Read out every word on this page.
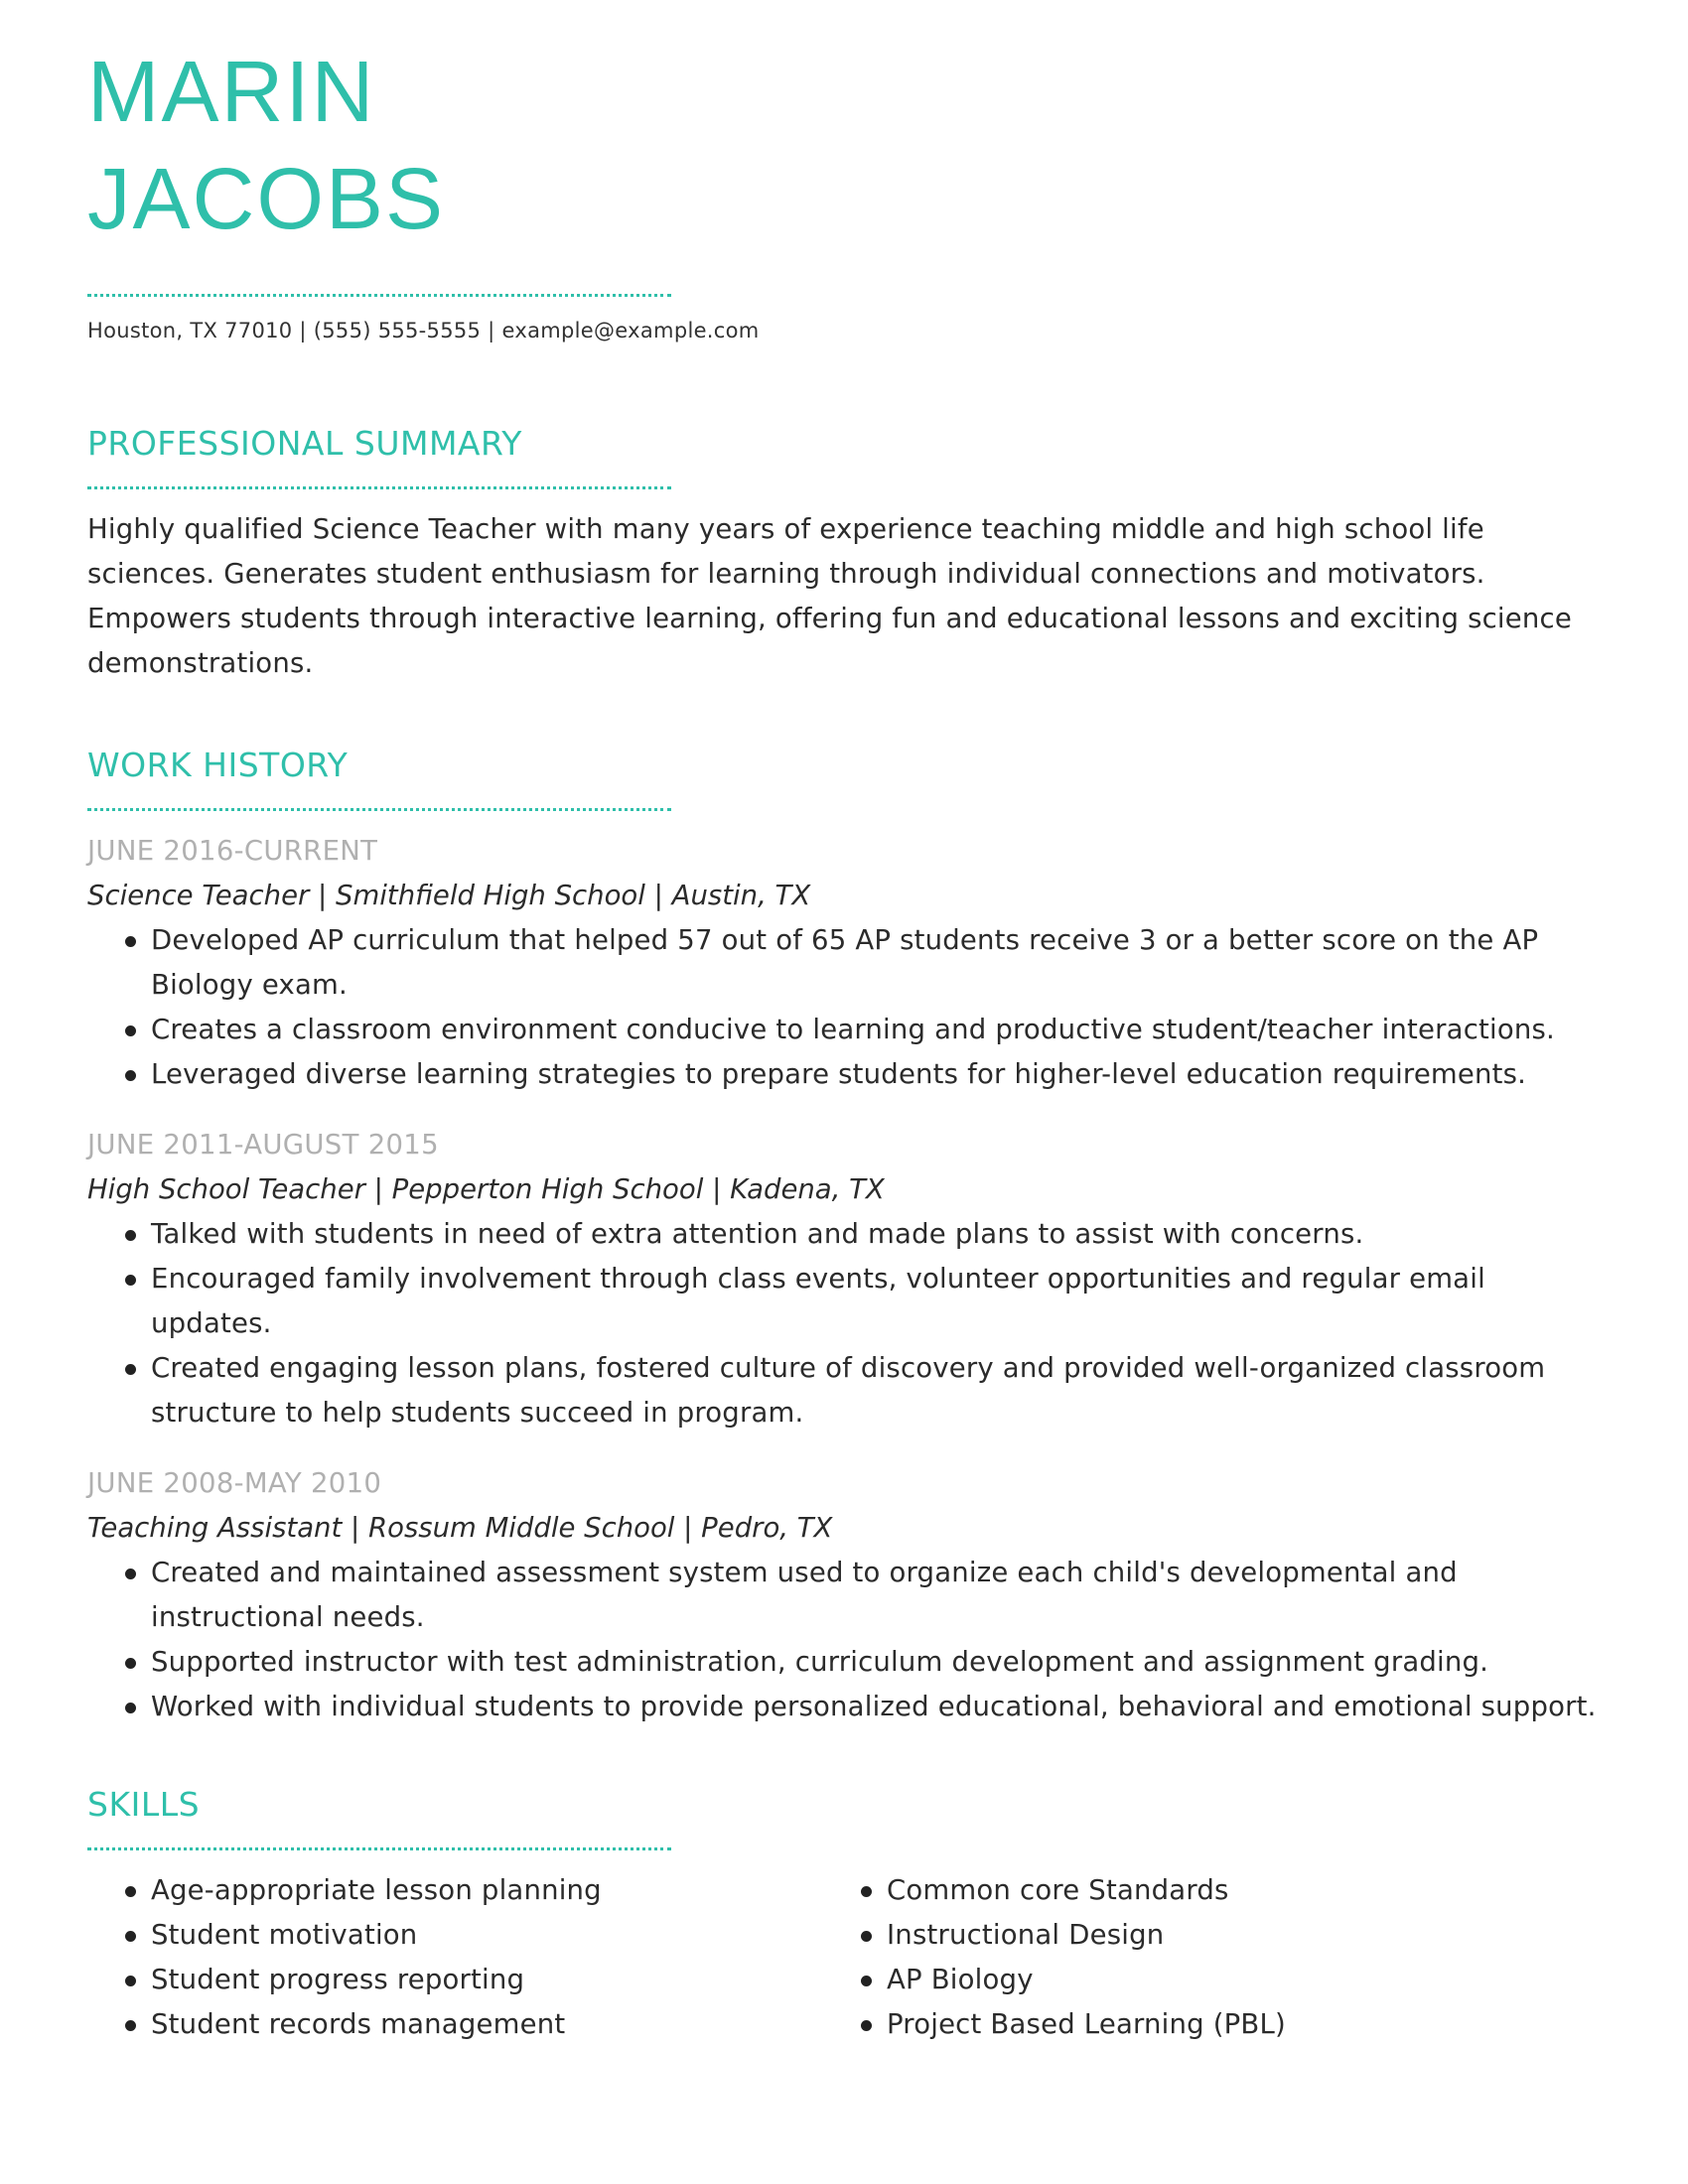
MARIN
JACOBS
Houston, TX 77010 | (555) 555-5555 | example@example.com
PROFESSIONAL SUMMARY
Highly qualified Science Teacher with many years of experience teaching middle and high school life sciences. Generates student enthusiasm for learning through individual connections and motivators. Empowers students through interactive learning, offering fun and educational lessons and exciting science demonstrations.
WORK HISTORY
JUNE 2016-CURRENT
Science Teacher | Smithfield High School | Austin, TX
Developed AP curriculum that helped 57 out of 65 AP students receive 3 or a better score on the AP Biology exam.
Creates a classroom environment conducive to learning and productive student/teacher interactions.
Leveraged diverse learning strategies to prepare students for higher-level education requirements.
JUNE 2011-AUGUST 2015
High School Teacher | Pepperton High School | Kadena, TX
Talked with students in need of extra attention and made plans to assist with concerns.
Encouraged family involvement through class events, volunteer opportunities and regular email updates.
Created engaging lesson plans, fostered culture of discovery and provided well-organized classroom structure to help students succeed in program.
JUNE 2008-MAY 2010
Teaching Assistant | Rossum Middle School | Pedro, TX
Created and maintained assessment system used to organize each child's developmental and instructional needs.
Supported instructor with test administration, curriculum development and assignment grading.
Worked with individual students to provide personalized educational, behavioral and emotional support.
SKILLS
Age-appropriate lesson planning
Student motivation
Student progress reporting
Student records management
Common core Standards
Instructional Design
AP Biology
Project Based Learning (PBL)
